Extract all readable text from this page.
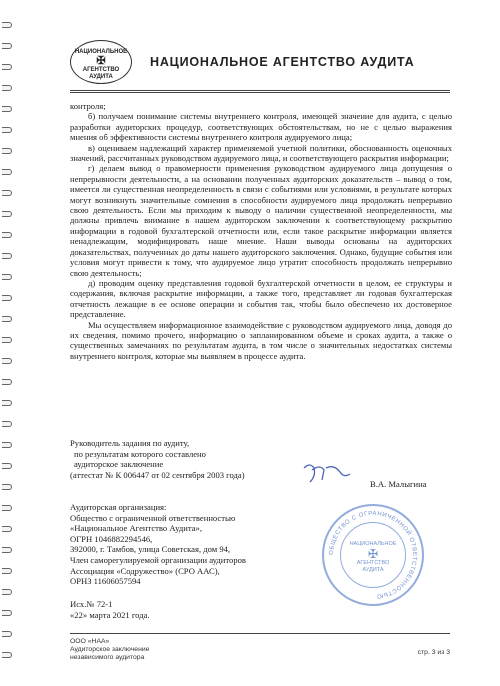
НАЦИОНАЛЬНОЕ

✠
АГЕНТСТВО
АУДИТА
НАЦИОНАЛЬНОЕ АГЕНТСТВО АУДИТА

контроля;

б) получаем понимание системы внутреннего контроля, имеющей значение для аудита, с целью разработки аудиторских процедур, соответствующих обстоятельствам, но не с целью выражения мнения об эффективности системы внутреннего контроля аудируемого лица;

в) оцениваем надлежащий характер применяемой учетной политики, обоснованность оценочных значений, рассчитанных руководством аудируемого лица, и соответствующего раскрытия информации;

г) делаем вывод о правомерности применения руководством аудируемого лица допущения о непрерывности деятельности, а на основании полученных аудиторских доказательств – вывод о том, имеется ли существенная неопределенность в связи с событиями или условиями, в результате которых могут возникнуть значительные сомнения в способности аудируемого лица продолжать непрерывно свою деятельность. Если мы приходим к выводу о наличии существенной неопределенности, мы должны привлечь внимание в нашем аудиторском заключении к соответствующему раскрытию информации в годовой бухгалтерской отчетности или, если такое раскрытие информации является ненадлежащим, модифицировать наше мнение. Наши выводы основаны на аудиторских доказательствах, полученных до даты нашего аудиторского заключения. Однако, будущие события или условия могут привести к тому, что аудируемое лицо утратит способность продолжать непрерывно свою деятельность;

д) проводим оценку представления годовой бухгалтерской отчетности в целом, ее структуры и содержания, включая раскрытие информации, а также того, представляет ли годовая бухгалтерская отчетность лежащие в ее основе операции и события так, чтобы было обеспечено их достоверное представление.

Мы осуществляем информационное взаимодействие с руководством аудируемого лица, доводя до их сведения, помимо прочего, информацию о запланированном объеме и сроках аудита, а также о существенных замечаниях по результатам аудита, в том числе о значительных недостатках системы внутреннего контроля, которые мы выявляем в процессе аудита.

Руководитель задания по аудиту,
по результатам которого составлено
аудиторское заключение
(аттестат № К 006447 от 02 сентября 2003 года)
В.А. Малыгина
Аудиторская организация:
Общество с ограниченной ответственностью
«Национальное Агентство Аудита»,
ОГРН 1046882294546,
392000, г. Тамбов, улица Советская, дом 94,
Член саморегулируемой организации аудиторов
Ассоциация «Содружество» (СРО ААС),
ОРНЗ 11606057594
Исх.№ 72-1
«22» марта 2021 года.
ОБЩЕСТВО С ОГРАНИЧЕННОЙ ОТВЕТСТВЕННОСТЬЮ
НАЦИОНАЛЬНОЕ
✠
АГЕНТСТВО
АУДИТА
ООО «НАА»
Аудиторское заключение
независимого аудитора
стр. 3 из 3
